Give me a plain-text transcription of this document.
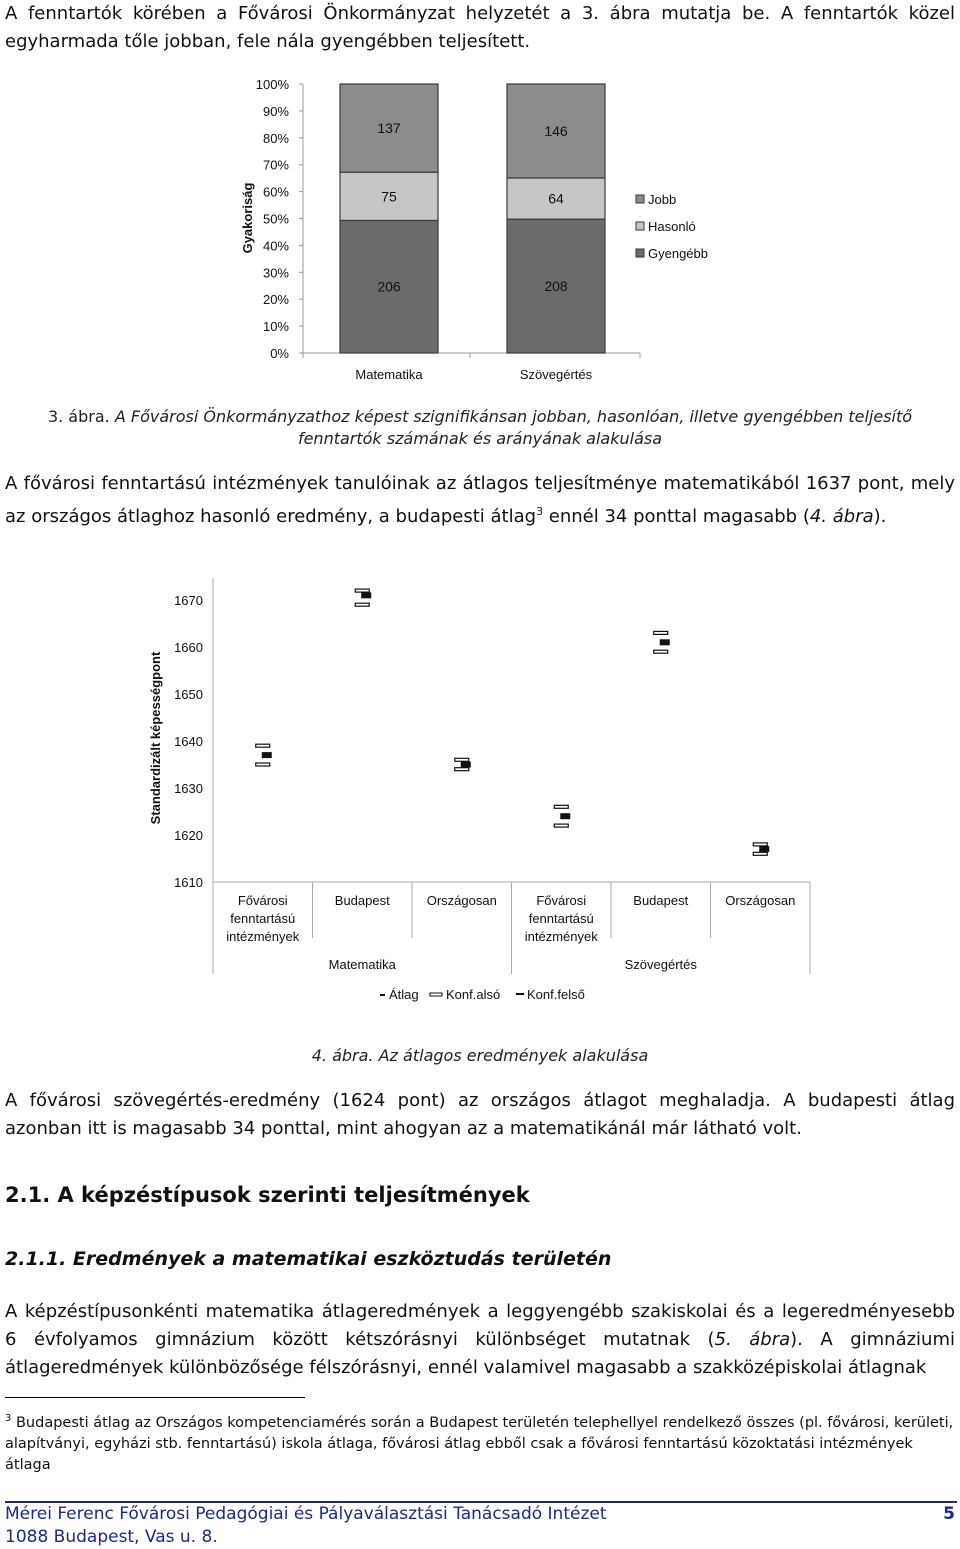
A fenntartók körében a Fővárosi Önkormányzat helyzetét a 3. ábra mutatja be. A fenntartók közel egyharmada tőle jobban, fele nála gyengébben teljesített.

0%
10%
20%
30%
40%
50%
60%
70%
80%
90%
100%
Gyakoriság
206
75
137
Matematika
208
64
146
Szövegértés
Jobb
Hasonló
Gyengébb

3. ábra. A Fővárosi Önkormányzathoz képest szignifikánsan jobban, hasonlóan, illetve gyengébben teljesítő fenntartók számának és arányának alakulása

A fővárosi fenntartású intézmények tanulóinak az átlagos teljesítménye matematikából 1637 pont, mely az országos átlaghoz hasonló eredmény, a budapesti átlag$^3$ ennél 34 ponttal magasabb (4. ábra).

1610
1620
1630
1640
1650
1660
1670
Standardizált képességpont
Fővárosi
fenntartású
intézmények
Budapest	Országosan	Fővárosi
fenntartású
intézmények
Budapest	Országosan
Matematika	Szövegértés
Átlag Konf.alsó Konf.felső

4. ábra. Az átlagos eredmények alakulása

A fővárosi szövegértés-eredmény (1624 pont) az országos átlagot meghaladja. A budapesti átlag azonban itt is magasabb 34 ponttal, mint ahogyan az a matematikánál már látható volt.

2.1. A képzéstípusok szerinti teljesítmények
2.1.1. Eredmények a matematikai eszköztudás területén

A képzéstípusonkénti matematika átlageredmények a leggyengébb szakiskolai és a legeredményesebb 6 évfolyamos gimnázium között kétszórásnyi különbséget mutatnak (5. ábra). A gimnáziumi átlageredmények különbözősége félszórásnyi, ennél valamivel magasabb a szakközépiskolai átlagnak

$^3$ Budapesti átlag az Országos kompetenciamérés során a Budapest területén telephellyel rendelkező összes (pl. fővárosi, kerületi, alapítványi, egyházi stb. fenntartású) iskola átlaga, fővárosi átlag ebből csak a fővárosi fenntartású közoktatási intézmények átlaga

Mérei Ferenc Fővárosi Pedagógiai és Pályaválasztási Tanácsadó Intézet
1088 Budapest, Vas u. 8.
5
